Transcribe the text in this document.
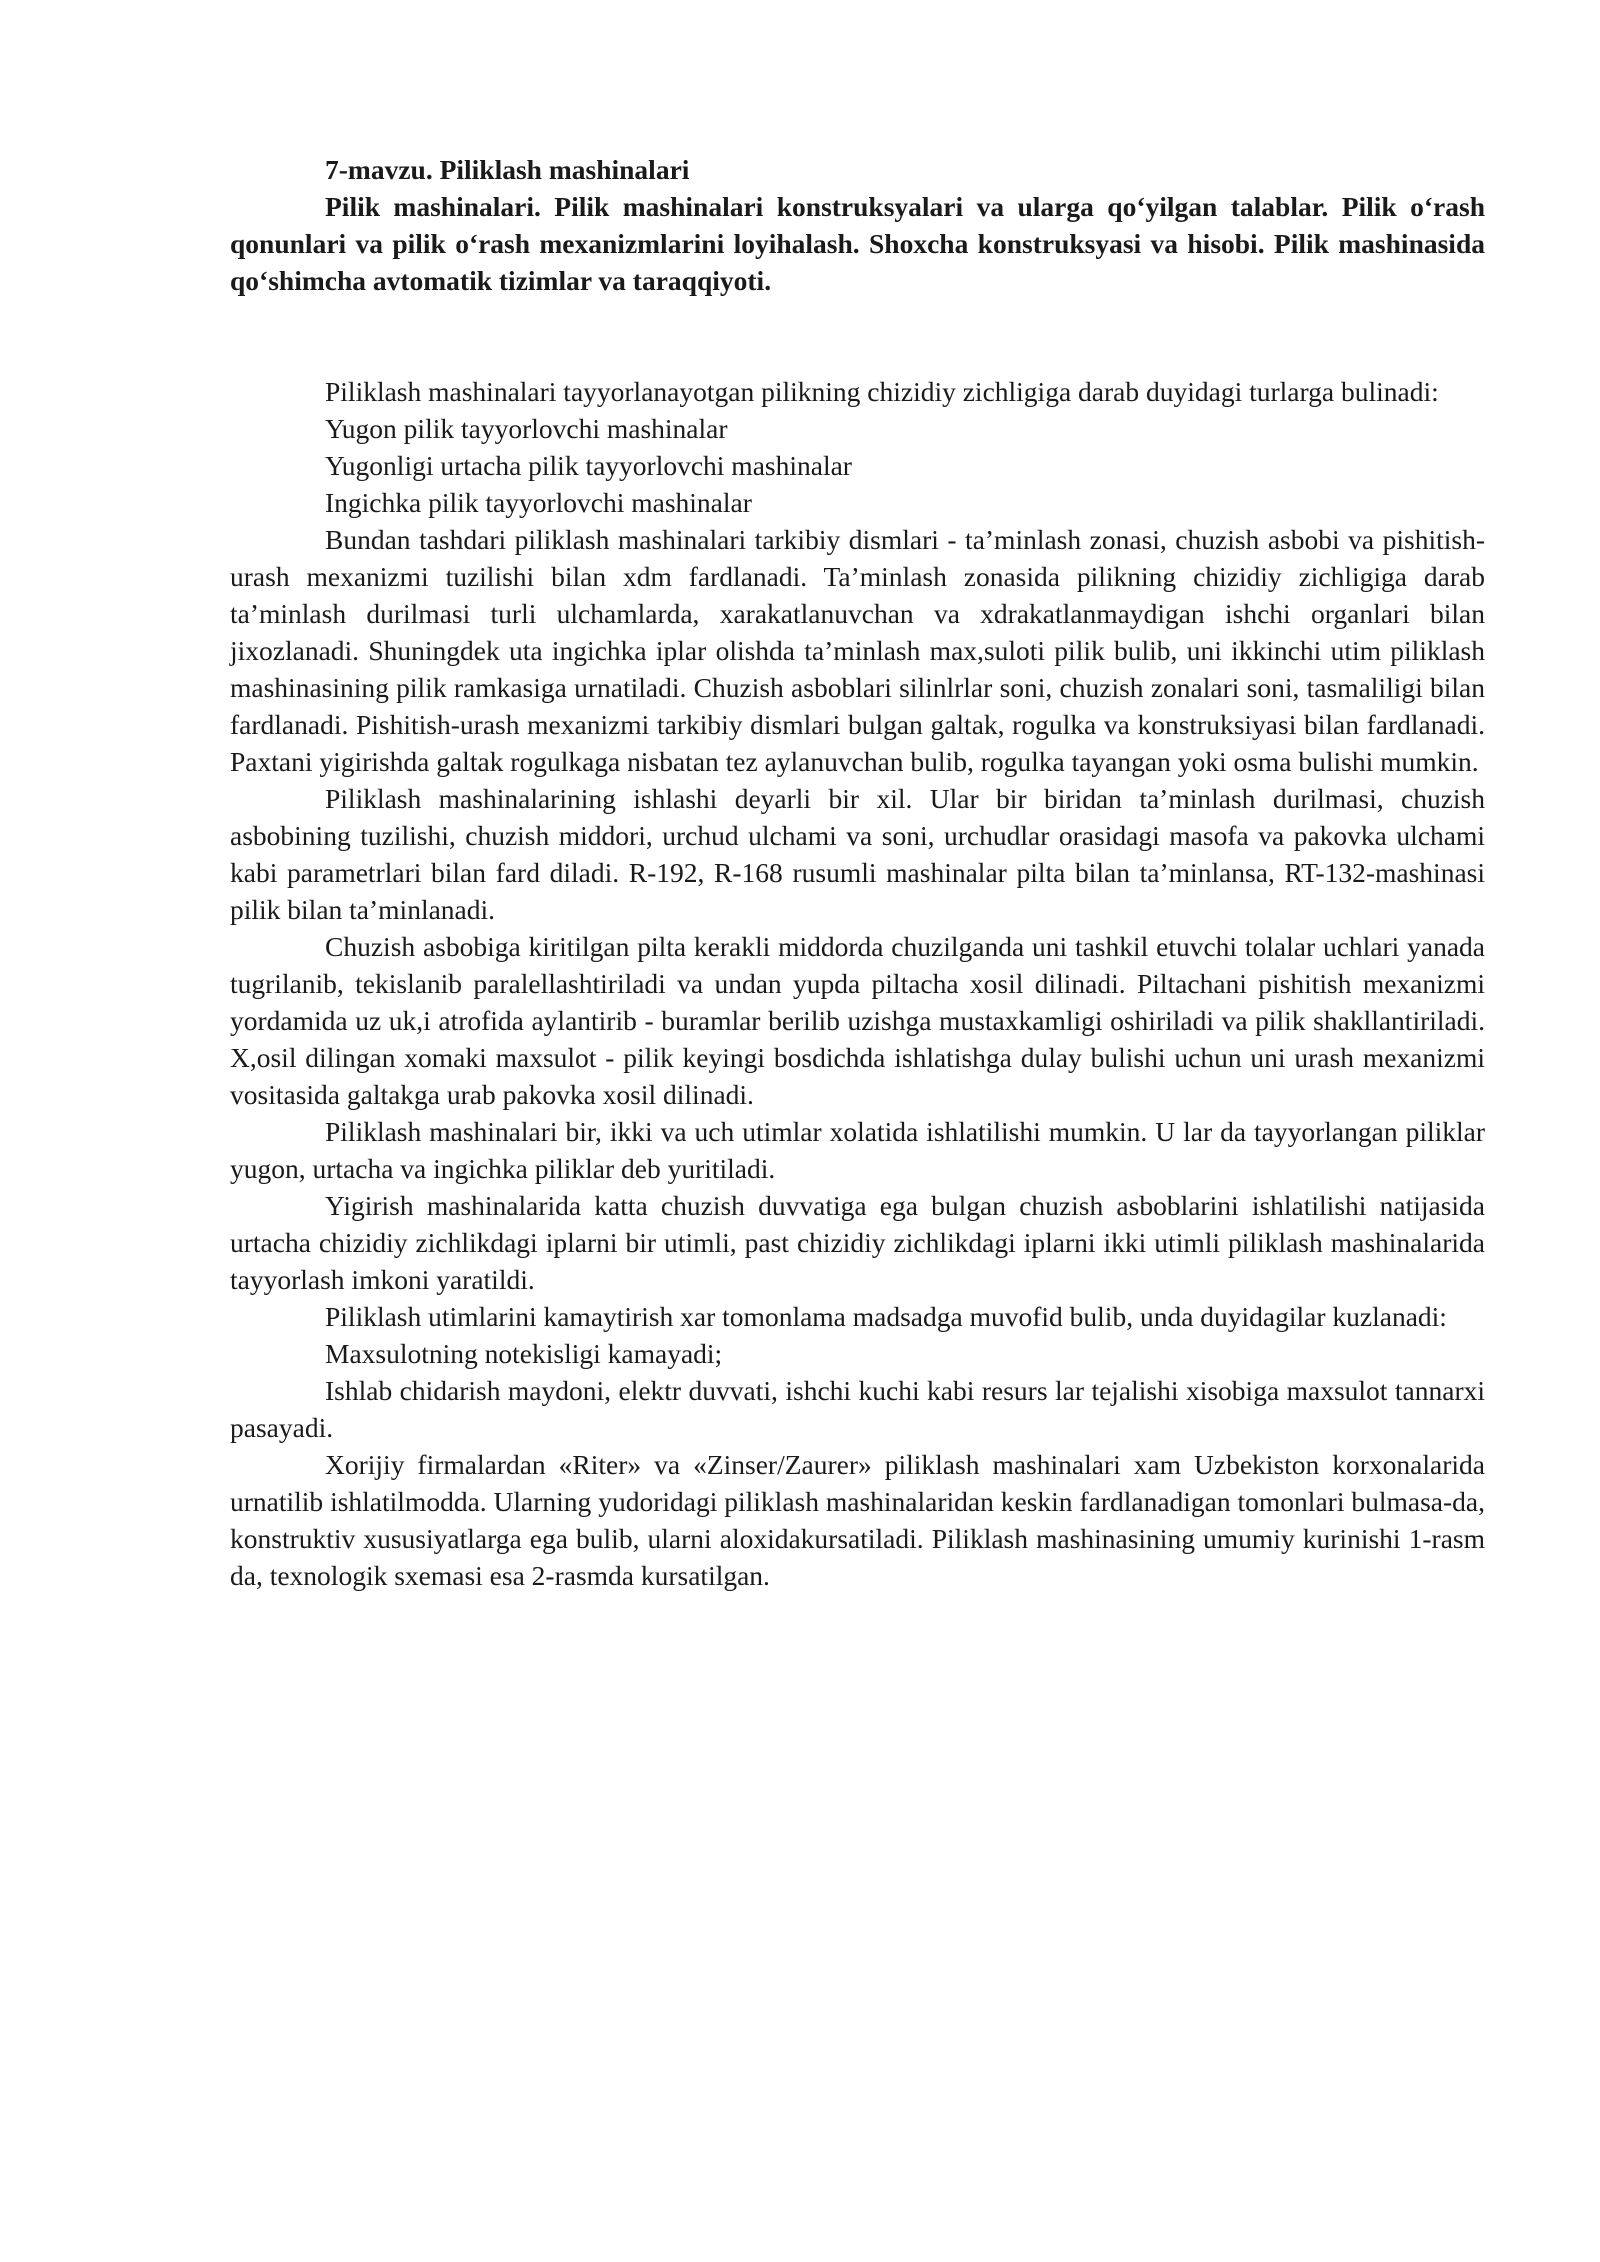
7-mavzu. Piliklash mashinalari

Pilik mashinalari. Pilik mashinalari konstruksyalari va ularga qo‘yilgan talablar. Pilik o‘rash qonunlari va pilik o‘rash mexanizmlarini loyihalash. Shoxcha konstruksyasi va hisobi. Pilik mashinasida qo‘shimcha avtomatik tizimlar va taraqqiyoti.

Piliklash mashinalari tayyorlanayotgan pilikning chizidiy zichligiga darab duyidagi turlarga bulinadi:

Yugon pilik tayyorlovchi mashinalar

Yugonligi urtacha pilik tayyorlovchi mashinalar

Ingichka pilik tayyorlovchi mashinalar

Bundan tashdari piliklash mashinalari tarkibiy dismlari - ta’minlash zonasi, chuzish asbobi va pishitish-urash mexanizmi tuzilishi bilan xdm fardlanadi. Ta’minlash zonasida pilikning chizidiy zichligiga darab ta’minlash durilmasi turli ulchamlarda, xarakatlanuvchan va xdrakatlanmaydigan ishchi organlari bilan jixozlanadi. Shuningdek uta ingichka iplar olishda ta’minlash max,suloti pilik bulib, uni ikkinchi utim piliklash mashinasining pilik ramkasiga urnatiladi. Chuzish asboblari silinlrlar soni, chuzish zonalari soni, tasmaliligi bilan fardlanadi. Pishitish-urash mexanizmi tarkibiy dismlari bulgan galtak, rogulka va konstruksiyasi bilan fardlanadi. Paxtani yigirishda galtak rogulkaga nisbatan tez aylanuvchan bulib, rogulka tayangan yoki osma bulishi mumkin.

Piliklash mashinalarining ishlashi deyarli bir xil. Ular bir biridan ta’minlash durilmasi, chuzish asbobining tuzilishi, chuzish middori, urchud ulchami va soni, urchudlar orasidagi masofa va pakovka ulchami kabi parametrlari bilan fard diladi. R-192, R-168 rusumli mashinalar pilta bilan ta’minlansa, RT-132-mashinasi pilik bilan ta’minlanadi.

Chuzish asbobiga kiritilgan pilta kerakli middorda chuzilganda uni tashkil etuvchi tolalar uchlari yanada tugrilanib, tekislanib paralellashtiriladi va undan yupda piltacha xosil dilinadi. Piltachani pishitish mexanizmi yordamida uz uk,i atrofida aylantirib - buramlar berilib uzishga mustaxkamligi oshiriladi va pilik shakllantiriladi. X,osil dilingan xomaki maxsulot - pilik keyingi bosdichda ishlatishga dulay bulishi uchun uni urash mexanizmi vositasida galtakga urab pakovka xosil dilinadi.

Piliklash mashinalari bir, ikki va uch utimlar xolatida ishlatilishi mumkin. U lar da tayyorlangan piliklar yugon, urtacha va ingichka piliklar deb yuritiladi.

Yigirish mashinalarida katta chuzish duvvatiga ega bulgan chuzish asboblarini ishlatilishi natijasida urtacha chizidiy zichlikdagi iplarni bir utimli, past chizidiy zichlikdagi iplarni ikki utimli piliklash mashinalarida tayyorlash imkoni yaratildi.

Piliklash utimlarini kamaytirish xar tomonlama madsadga muvofid bulib, unda duyidagilar kuzlanadi:

Maxsulotning notekisligi kamayadi;

Ishlab chidarish maydoni, elektr duvvati, ishchi kuchi kabi resurs lar tejalishi xisobiga maxsulot tannarxi pasayadi.

Xorijiy firmalardan «Riter» va «Zinser/Zaurer» piliklash mashinalari xam Uzbekiston korxonalarida urnatilib ishlatilmodda. Ularning yudoridagi piliklash mashinalaridan keskin fardlanadigan tomonlari bulmasa-da, konstruktiv xususiyatlarga ega bulib, ularni aloxidakursatiladi. Piliklash mashinasining umumiy kurinishi 1-rasm da, texnologik sxemasi esa 2-rasmda kursatilgan.
